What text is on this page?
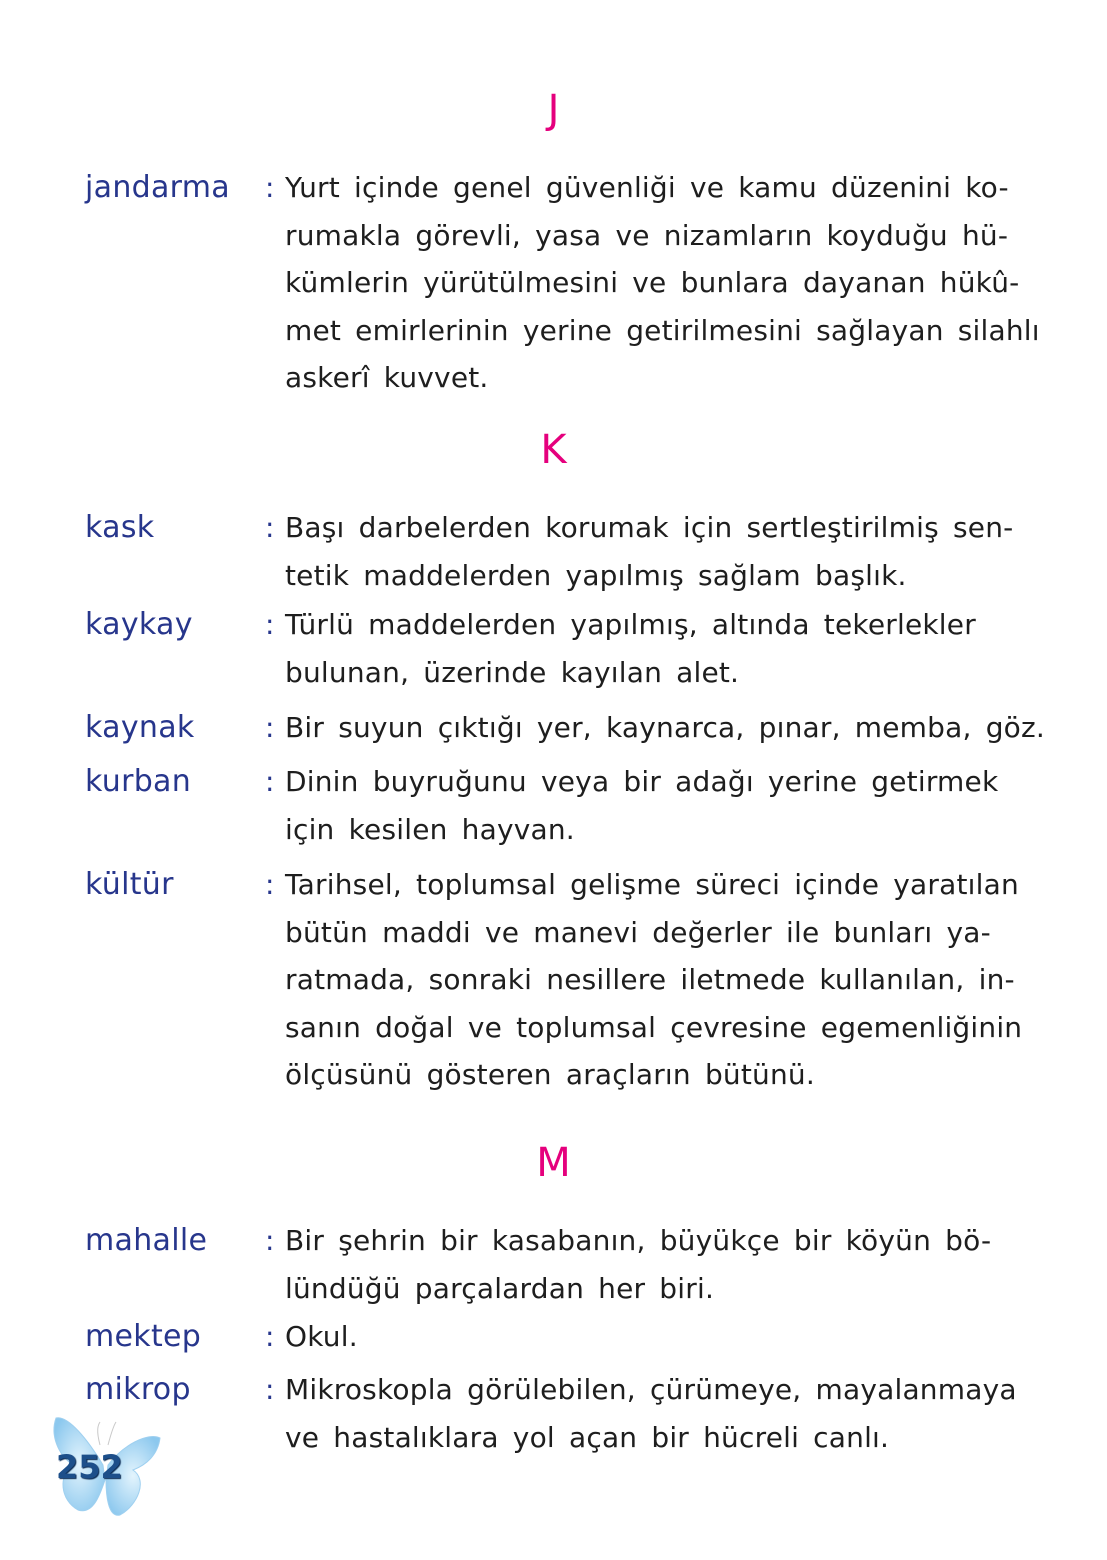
J
K
M
jandarma : Yurt içinde genel güvenliği ve kamu düzenini ko-
rumakla görevli, yasa ve nizamların koyduğu hü-
kümlerin yürütülmesini ve bunlara dayanan hükû-
met emirlerinin yerine getirilmesini sağlayan silahlı
askerî kuvvet.
kask	: Başı darbelerden korumak için sertleştirilmiş sen-
tetik maddelerden yapılmış sağlam başlık.
kaykay	: Türlü maddelerden yapılmış, altında tekerlekler
bulunan, üzerinde kayılan alet.
kaynak	: Bir suyun çıktığı yer, kaynarca, pınar, memba, göz.
kurban	: Dinin buyruğunu veya bir adağı yerine getirmek
için kesilen hayvan.
kültür	: Tarihsel, toplumsal gelişme süreci içinde yaratılan
bütün maddi ve manevi değerler ile bunları ya-
ratmada, sonraki nesillere iletmede kullanılan, in-
sanın doğal ve toplumsal çevresine egemenliğinin
ölçüsünü gösteren araçların bütünü.
mahalle : Bir şehrin bir kasabanın, büyükçe bir köyün bö-
lündüğü parçalardan her biri.
mektep : Okul.
mikrop	: Mikroskopla görülebilen, çürümeye, mayalanmaya
ve hastalıklara yol açan bir hücreli canlı.
252
